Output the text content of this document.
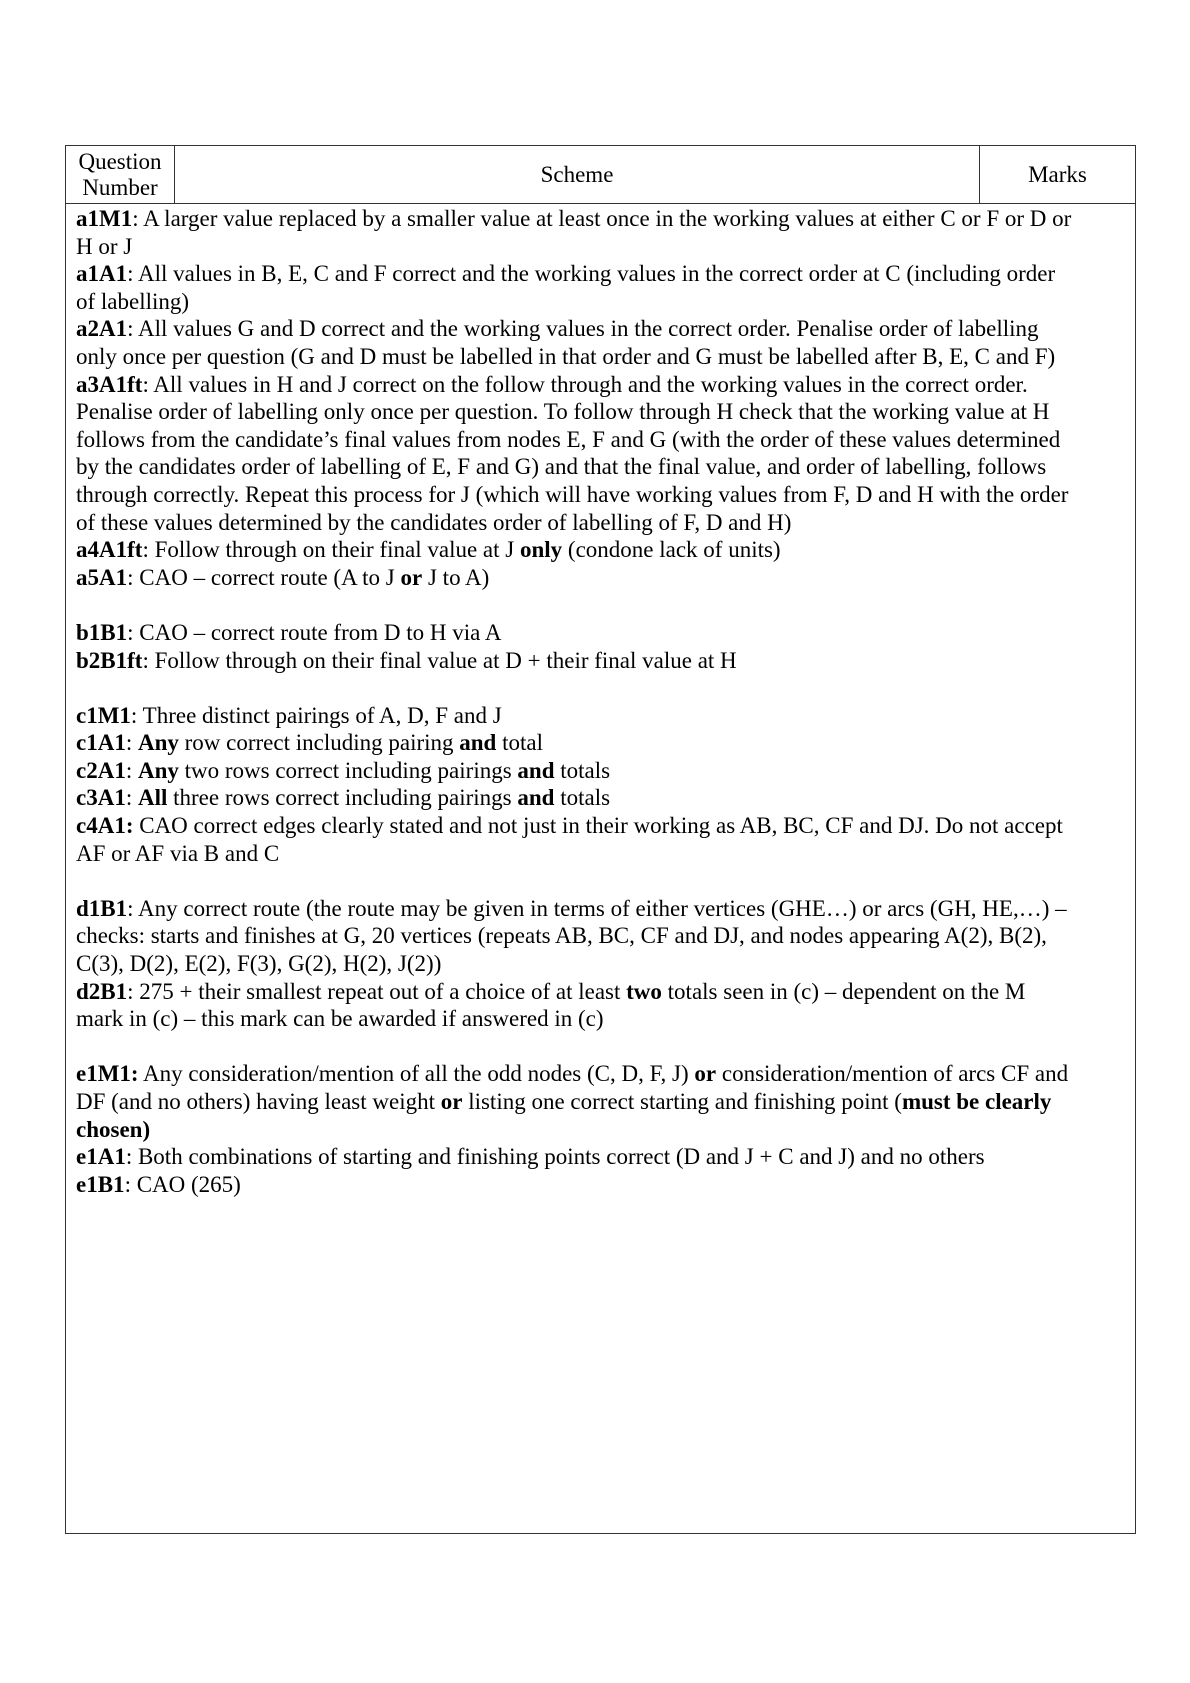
Question
Number
Scheme	Marks
a1M1: A larger value replaced by a smaller value at least once in the working values at either C or F or D or
H or J
a1A1: All values in B, E, C and F correct and the working values in the correct order at C (including order
of labelling)
a2A1: All values G and D correct and the working values in the correct order. Penalise order of labelling
only once per question (G and D must be labelled in that order and G must be labelled after B, E, C and F)
a3A1ft: All values in H and J correct on the follow through and the working values in the correct order.
Penalise order of labelling only once per question. To follow through H check that the working value at H
follows from the candidate’s final values from nodes E, F and G (with the order of these values determined
by the candidates order of labelling of E, F and G) and that the final value, and order of labelling, follows
through correctly. Repeat this process for J (which will have working values from F, D and H with the order
of these values determined by the candidates order of labelling of F, D and H)
a4A1ft: Follow through on their final value at J only (condone lack of units)
a5A1: CAO – correct route (A to J or J to A)
b1B1: CAO – correct route from D to H via A
b2B1ft: Follow through on their final value at D + their final value at H
c1M1: Three distinct pairings of A, D, F and J
c1A1: Any row correct including pairing and total
c2A1: Any two rows correct including pairings and totals
c3A1: All three rows correct including pairings and totals
c4A1: CAO correct edges clearly stated and not just in their working as AB, BC, CF and DJ. Do not accept
AF or AF via B and C
d1B1: Any correct route (the route may be given in terms of either vertices (GHE…) or arcs (GH, HE,…) –
checks: starts and finishes at G, 20 vertices (repeats AB, BC, CF and DJ, and nodes appearing A(2), B(2),
C(3), D(2), E(2), F(3), G(2), H(2), J(2))
d2B1: 275 + their smallest repeat out of a choice of at least two totals seen in (c) – dependent on the M
mark in (c) – this mark can be awarded if answered in (c)
e1M1: Any consideration/mention of all the odd nodes (C, D, F, J) or consideration/mention of arcs CF and
DF (and no others) having least weight or listing one correct starting and finishing point (must be clearly
chosen)
e1A1: Both combinations of starting and finishing points correct (D and J + C and J) and no others
e1B1: CAO (265)
